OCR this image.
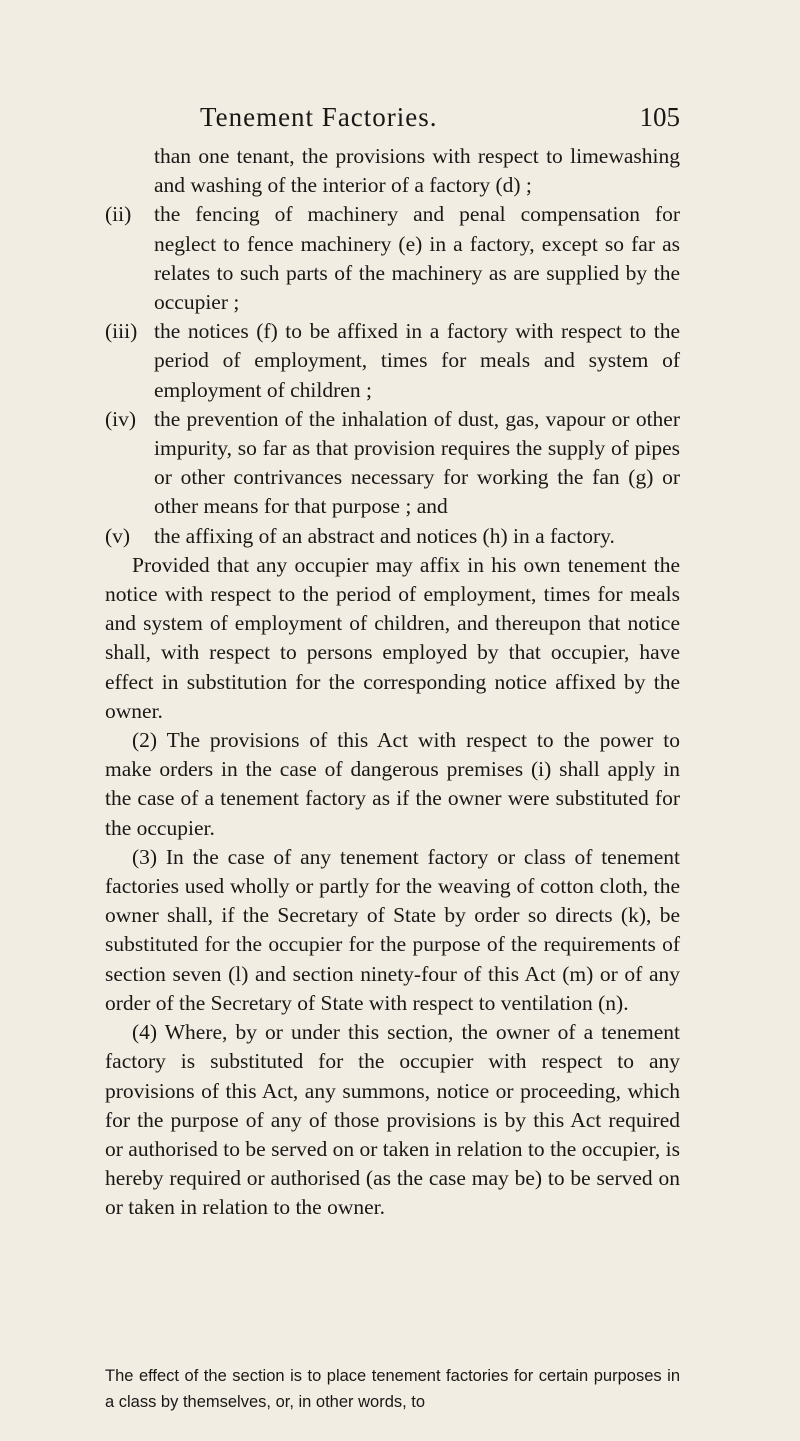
Tenement Factories.	105
than one tenant, the provisions with respect to limewashing and washing of the interior of a factory (d) ;
(ii)	the fencing of machinery and penal compensation for neglect to fence machinery (e) in a factory, except so far as relates to such parts of the machinery as are supplied by the occupier ;
(iii) the notices (f) to be affixed in a factory with respect to the period of employment, times for meals and system of employment of children ;
(iv) the prevention of the inhalation of dust, gas, vapour or other impurity, so far as that provision requires the supply of pipes or other contrivances necessary for working the fan (g) or other means for that purpose ; and
(v)	the affixing of an abstract and notices (h) in a factory.

Provided that any occupier may affix in his own tenement the notice with respect to the period of employment, times for meals and system of employment of children, and thereupon that notice shall, with respect to persons employed by that occupier, have effect in substitution for the corresponding notice affixed by the owner.

(2) The provisions of this Act with respect to the power to make orders in the case of dangerous premises (i) shall apply in the case of a tenement factory as if the owner were substituted for the occupier.

(3) In the case of any tenement factory or class of tenement factories used wholly or partly for the weaving of cotton cloth, the owner shall, if the Secretary of State by order so directs (k), be substituted for the occupier for the purpose of the requirements of section seven (l) and section ninety-four of this Act (m) or of any order of the Secretary of State with respect to ventilation (n).

(4) Where, by or under this section, the owner of a tenement factory is substituted for the occupier with respect to any provisions of this Act, any summons, notice or proceeding, which for the purpose of any of those provisions is by this Act required or authorised to be served on or taken in relation to the occupier, is hereby required or authorised (as the case may be) to be served on or taken in relation to the owner.

The effect of the section is to place tenement factories for certain purposes in a class by themselves, or, in other words, to
